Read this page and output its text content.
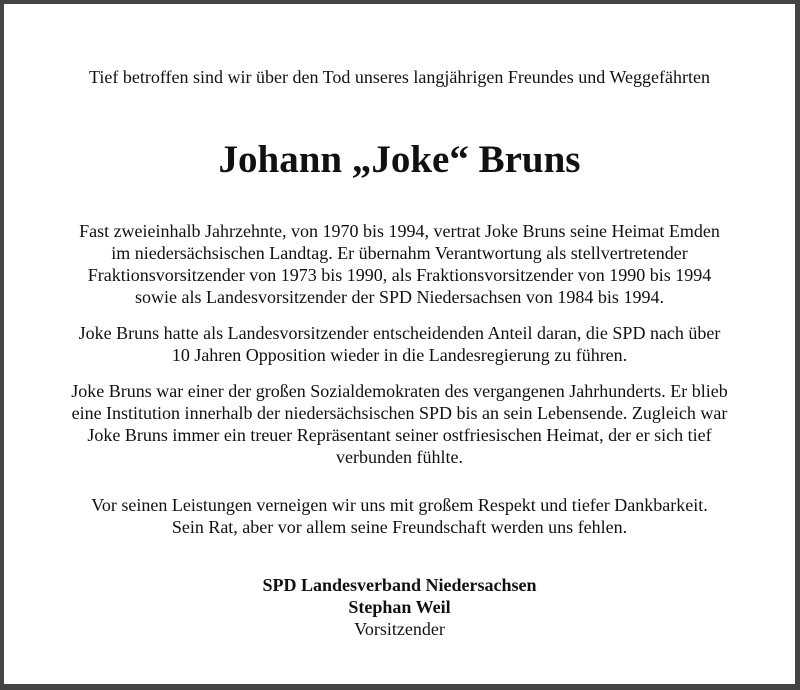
Tief betroffen sind wir über den Tod unseres langjährigen Freundes und Weggefährten
Johann „Joke“ Bruns
Fast zweieinhalb Jahrzehnte, von 1970 bis 1994, vertrat Joke Bruns seine Heimat Emden
im niedersächsischen Landtag. Er übernahm Verantwortung als stellvertretender
Fraktionsvorsitzender von 1973 bis 1990, als Fraktionsvorsitzender von 1990 bis 1994
sowie als Landesvorsitzender der SPD Niedersachsen von 1984 bis 1994.
Joke Bruns hatte als Landesvorsitzender entscheidenden Anteil daran, die SPD nach über
10 Jahren Opposition wieder in die Landesregierung zu führen.
Joke Bruns war einer der großen Sozialdemokraten des vergangenen Jahrhunderts. Er blieb
eine Institution innerhalb der niedersächsischen SPD bis an sein Lebensende. Zugleich war
Joke Bruns immer ein treuer Repräsentant seiner ostfriesischen Heimat, der er sich tief
verbunden fühlte.
Vor seinen Leistungen verneigen wir uns mit großem Respekt und tiefer Dankbarkeit.
Sein Rat, aber vor allem seine Freundschaft werden uns fehlen.
SPD Landesverband Niedersachsen
Stephan Weil
Vorsitzender
